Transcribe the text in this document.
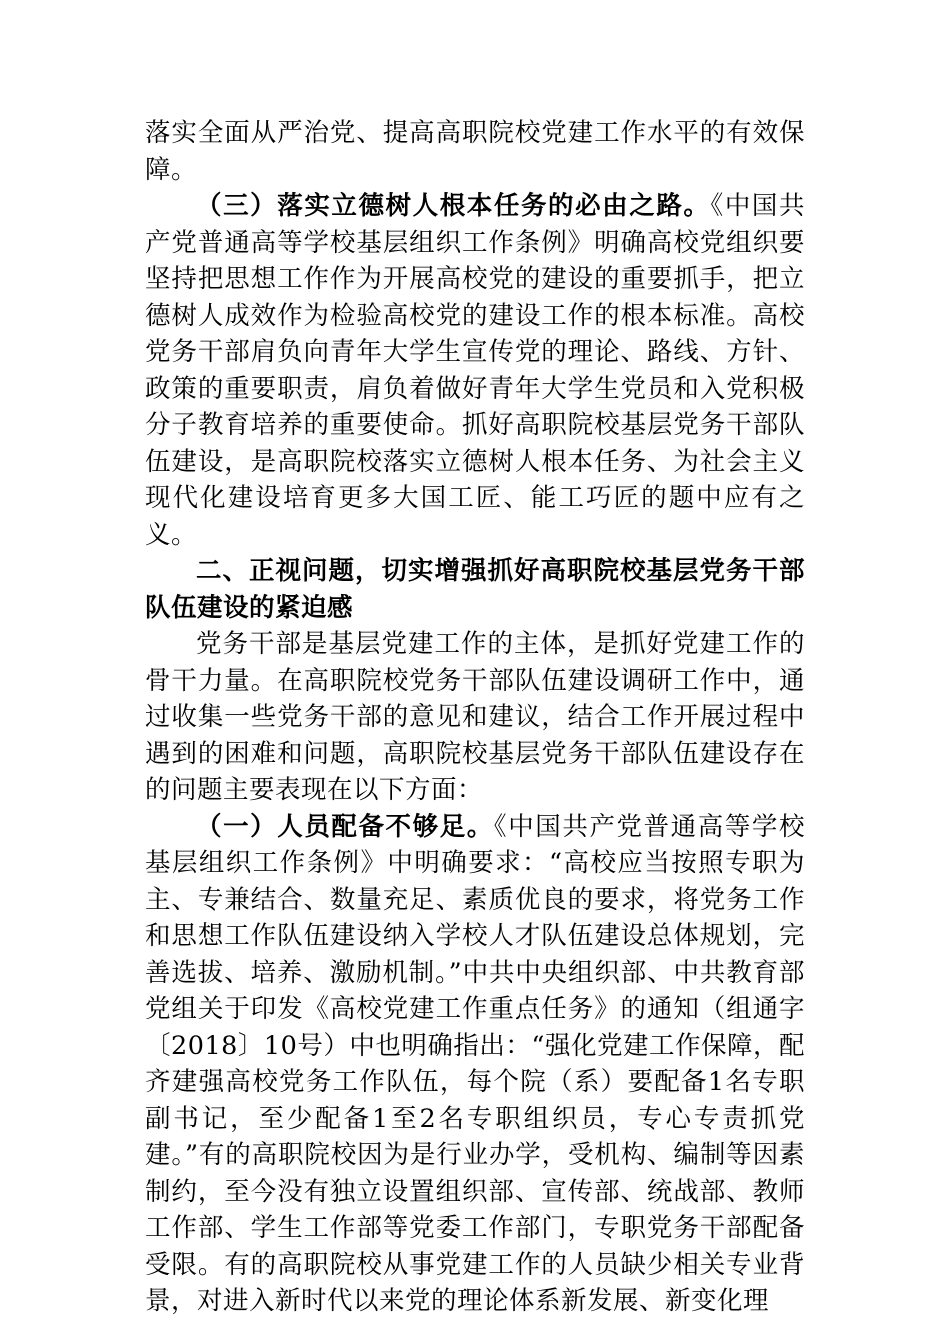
落实全面从严治党、提高高职院校党建工作水平的有效保障。

（三）落实立德树人根本任务的必由之路。《中国共产党普通高等学校基层组织工作条例》明确高校党组织要坚持把思想工作作为开展高校党的建设的重要抓手，把立德树人成效作为检验高校党的建设工作的根本标准。高校党务干部肩负向青年大学生宣传党的理论、路线、方针、政策的重要职责，肩负着做好青年大学生党员和入党积极分子教育培养的重要使命。抓好高职院校基层党务干部队伍建设，是高职院校落实立德树人根本任务、为社会主义现代化建设培育更多大国工匠、能工巧匠的题中应有之义。

二、正视问题，切实增强抓好高职院校基层党务干部队伍建设的紧迫感

党务干部是基层党建工作的主体，是抓好党建工作的骨干力量。在高职院校党务干部队伍建设调研工作中，通过收集一些党务干部的意见和建议，结合工作开展过程中遇到的困难和问题，高职院校基层党务干部队伍建设存在的问题主要表现在以下方面：

（一）人员配备不够足。《中国共产党普通高等学校基层组织工作条例》中明确要求：“高校应当按照专职为主、专兼结合、数量充足、素质优良的要求，将党务工作和思想工作队伍建设纳入学校人才队伍建设总体规划，完善选拔、培养、激励机制。”中共中央组织部、中共教育部党组关于印发《高校党建工作重点任务》的通知（组通字〔2018〕10号）中也明确指出：“强化党建工作保障，配齐建强高校党务工作队伍，每个院（系）要配备1名专职副书记，至少配备1至2名专职组织员，专心专责抓党建。”有的高职院校因为是行业办学，受机构、编制等因素制约，至今没有独立设置组织部、宣传部、统战部、教师工作部、学生工作部等党委工作部门，专职党务干部配备受限。有的高职院校从事党建工作的人员缺少相关专业背景，对进入新时代以来党的理论体系新发展、新变化理
